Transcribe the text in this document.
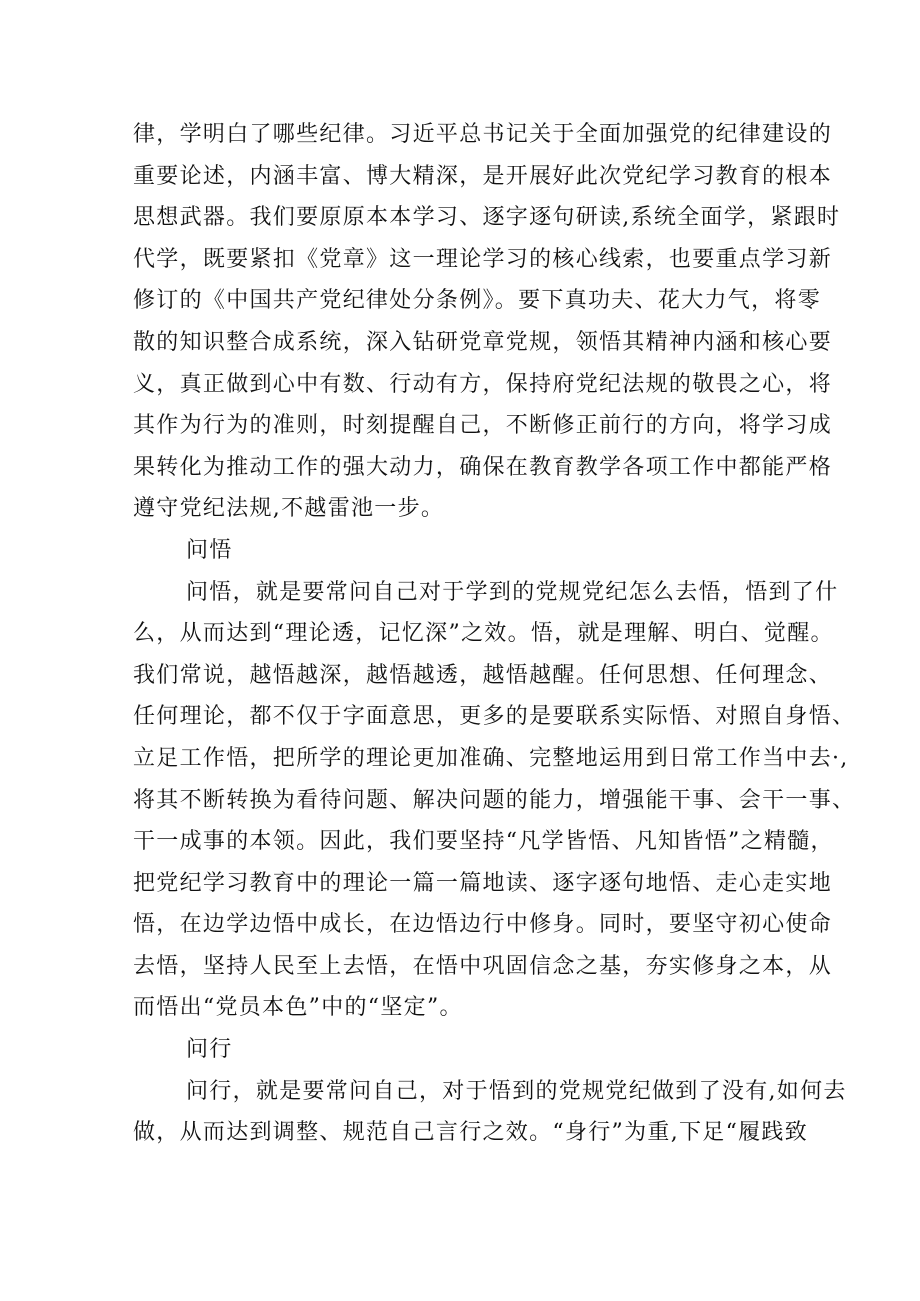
律，学明白了哪些纪律。习近平总书记关于全面加强党的纪律建设的
重要论述，内涵丰富、博大精深，是开展好此次党纪学习教育的根本
思想武器。我们要原原本本学习、逐字逐句研读,系统全面学，紧跟时
代学，既要紧扣《党章》这一理论学习的核心线索，也要重点学习新
修订的《中国共产党纪律处分条例》。要下真功夫、花大力气，将零
散的知识整合成系统，深入钻研党章党规，领悟其精神内涵和核心要
义，真正做到心中有数、行动有方，保持府党纪法规的敬畏之心，将
其作为行为的准则，时刻提醒自己，不断修正前行的方向，将学习成
果转化为推动工作的强大动力，确保在教育教学各项工作中都能严格
遵守党纪法规,不越雷池一步。
问悟
问悟，就是要常问自己对于学到的党规党纪怎么去悟，悟到了什
么，从而达到“理论透，记忆深”之效。悟，就是理解、明白、觉醒。
我们常说，越悟越深，越悟越透，越悟越醒。任何思想、任何理念、
任何理论，都不仅于字面意思，更多的是要联系实际悟、对照自身悟、
立足工作悟，把所学的理论更加准确、完整地运用到日常工作当中去·,
将其不断转换为看待问题、解决问题的能力，增强能干事、会干一事、
干一成事的本领。因此，我们要坚持“凡学皆悟、凡知皆悟”之精髓，
把党纪学习教育中的理论一篇一篇地读、逐字逐句地悟、走心走实地
悟，在边学边悟中成长，在边悟边行中修身。同时，要坚守初心使命
去悟，坚持人民至上去悟，在悟中巩固信念之基，夯实修身之本，从
而悟出“党员本色”中的“坚定”。
问行
问行，就是要常问自己，对于悟到的党规党纪做到了没有,如何去
做，从而达到调整、规范自己言行之效。“身行”为重,下足“履践致
